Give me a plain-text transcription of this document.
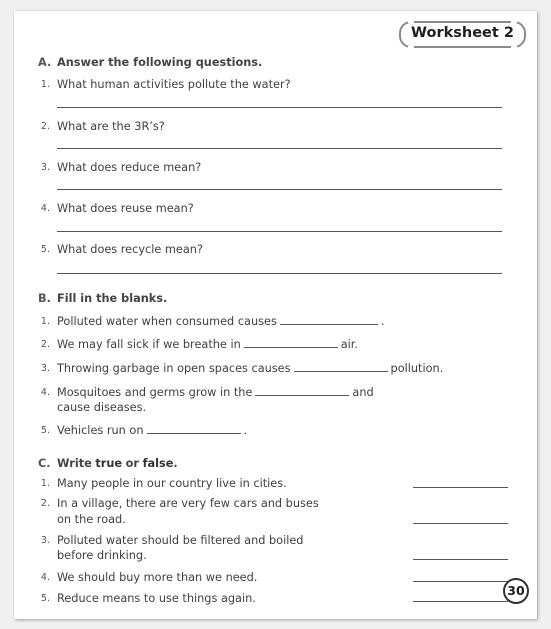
Worksheet 2
A. Answer the following questions.
1. What human activities pollute the water?
2. What are the 3R’s?
3. What does reduce mean?
4. What does reuse mean?
5. What does recycle mean?
B. Fill in the blanks.
1. Polluted water when consumed causes	.
2. We may fall sick if we breathe in	air.
3. Throwing garbage in open spaces causes	pollution.
4. Mosquitoes and germs grow in the	and
cause diseases.
5. Vehicles run on	.
C. Write true or false.
1. Many people in our country live in cities.
2. In a village, there are very few cars and buses
on the road.
3. Polluted water should be filtered and boiled
before drinking.
4. We should buy more than we need.
5. Reduce means to use things again.
30
